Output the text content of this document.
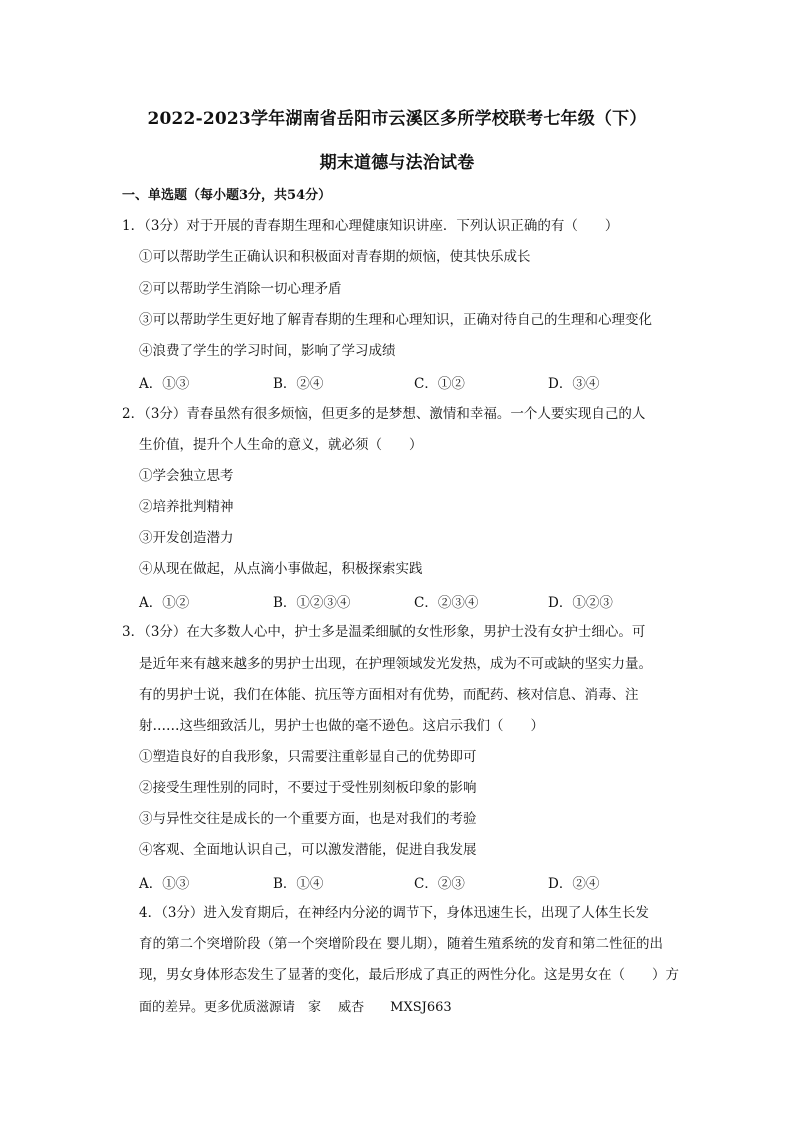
2022-2023学年湖南省岳阳市云溪区多所学校联考七年级（下）
期末道德与法治试卷
一、单选题（每小题3分，共54分）
1．（3分）对于开展的青春期生理和心理健康知识讲座．下列认识正确的有（　　）
①可以帮助学生正确认识和积极面对青春期的烦恼，使其快乐成长
②可以帮助学生消除一切心理矛盾
③可以帮助学生更好地了解青春期的生理和心理知识，正确对待自己的生理和心理变化
④浪费了学生的学习时间，影响了学习成绩
A．①③	B．②④	C．①②	D．③④
2．（3分）青春虽然有很多烦恼，但更多的是梦想、激情和幸福。一个人要实现自己的人
生价值，提升个人生命的意义，就必须（　　）
①学会独立思考
②培养批判精神
③开发创造潜力
④从现在做起，从点滴小事做起，积极探索实践
A．①②	B．①②③④	C．②③④	D．①②③
3．（3分）在大多数人心中，护士多是温柔细腻的女性形象，男护士没有女护士细心。可
是近年来有越来越多的男护士出现，在护理领域发光发热，成为不可或缺的坚实力量。
有的男护士说，我们在体能、抗压等方面相对有优势，而配药、核对信息、消毒、注
射……这些细致活儿，男护士也做的毫不逊色。这启示我们（　　）
①塑造良好的自我形象，只需要注重彰显自己的优势即可
②接受生理性别的同时，不要过于受性别刻板印象的影响
③与异性交往是成长的一个重要方面，也是对我们的考验
④客观、全面地认识自己，可以激发潜能，促进自我发展
A．①③	B．①④	C．②③	D．②④
4．（3分）进入发育期后，在神经内分泌的调节下，身体迅速生长，出现了人体生长发
育的第二个突增阶段（第一个突增阶段在 婴儿期），随着生殖系统的发育和第二性征的出
现，男女身体形态发生了显著的变化，最后形成了真正的两性分化。这是男女在（　　）方
面的差异。更多优质滋源请　家　 威杏　　MXSJ663
